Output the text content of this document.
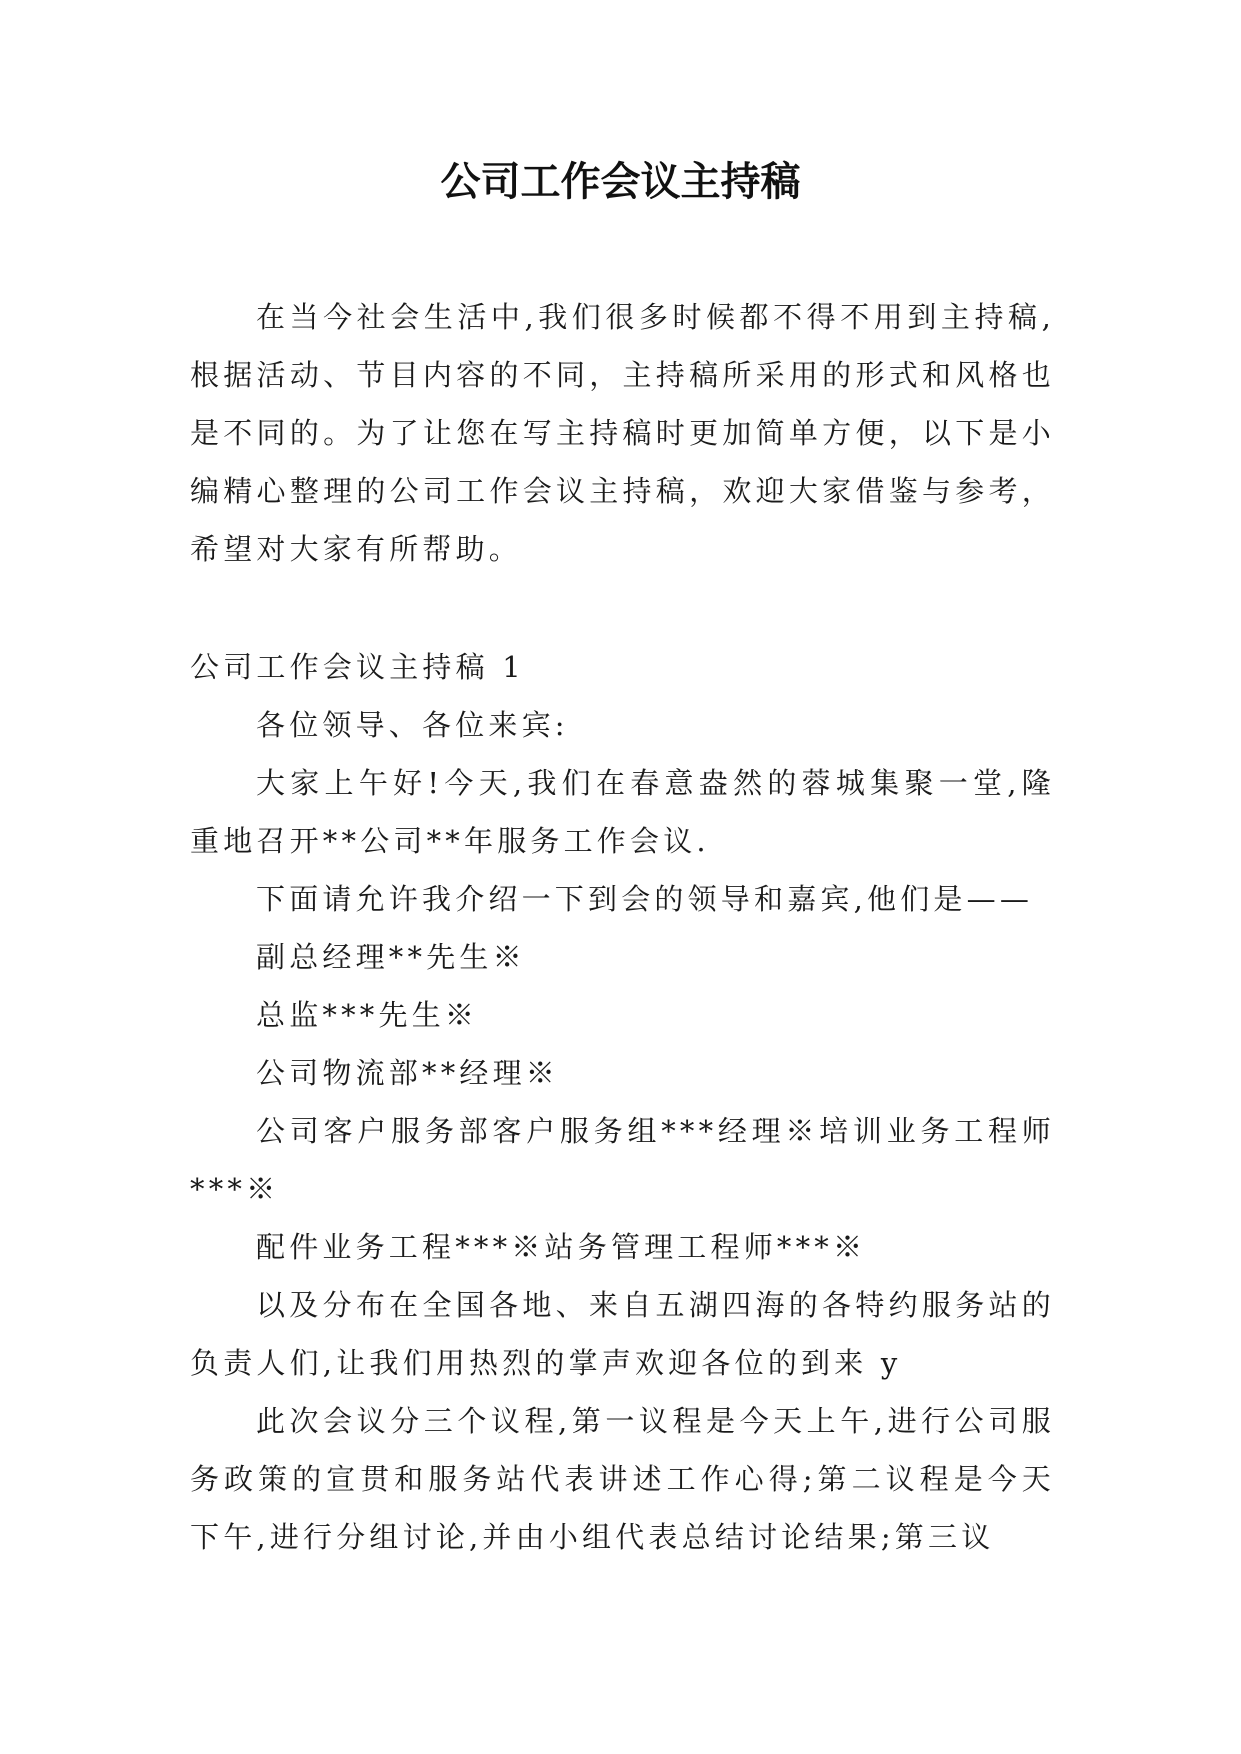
公司工作会议主持稿

在当今社会生活中,我们很多时候都不得不用到主持稿,根据活动、节目内容的不同，主持稿所采用的形式和风格也是不同的。为了让您在写主持稿时更加简单方便，以下是小编精心整理的公司工作会议主持稿，欢迎大家借鉴与参考，希望对大家有所帮助。

公司工作会议主持稿 1

各位领导、各位来宾:

大家上午好!今天,我们在春意盎然的蓉城集聚一堂,隆重地召开**公司**年服务工作会议.

下面请允许我介绍一下到会的领导和嘉宾,他们是——

副总经理**先生※

总监***先生※

公司物流部**经理※

公司客户服务部客户服务组***经理※培训业务工程师***※

配件业务工程***※站务管理工程师***※

以及分布在全国各地、来自五湖四海的各特约服务站的负责人们,让我们用热烈的掌声欢迎各位的到来 y

此次会议分三个议程,第一议程是今天上午,进行公司服务政策的宣贯和服务站代表讲述工作心得;第二议程是今天下午,进行分组讨论,并由小组代表总结讨论结果;第三议
